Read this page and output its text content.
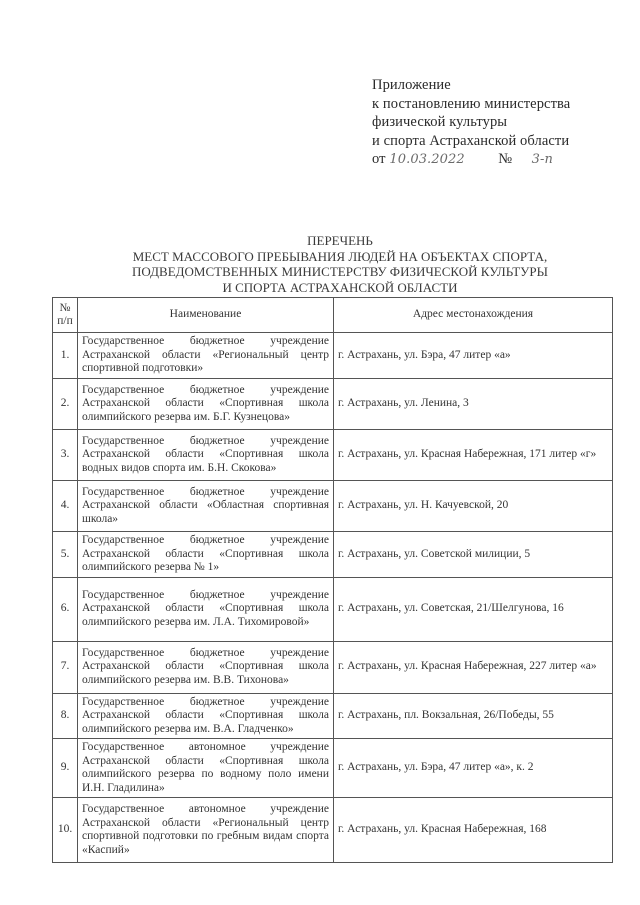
Приложение
к постановлению министерства
физической культуры
и спорта Астраханской области
от 10.03.2022 № 3-п
ПЕРЕЧЕНЬ
МЕСТ МАССОВОГО ПРЕБЫВАНИЯ ЛЮДЕЙ НА ОБЪЕКТАХ СПОРТА,
ПОДВЕДОМСТВЕННЫХ МИНИСТЕРСТВУ ФИЗИЧЕСКОЙ КУЛЬТУРЫ
И СПОРТА АСТРАХАНСКОЙ ОБЛАСТИ
№ п/п	Наименование	Адрес местонахождения
1.	Государственное бюджетное учреждение Астраханской области «Региональный центр спортивной подготовки»	г. Астрахань, ул. Бэра, 47 литер «а»
2.	Государственное бюджетное учреждение Астраханской области «Спортивная школа олимпийского резерва им. Б.Г. Кузнецова»	г. Астрахань, ул. Ленина, 3
3.	Государственное бюджетное учреждение Астраханской области «Спортивная школа водных видов спорта им. Б.Н. Скокова»	г. Астрахань, ул. Красная Набережная, 171 литер «г»
4.	Государственное бюджетное учреждение Астраханской области «Областная спортивная школа»	г. Астрахань, ул. Н. Качуевской, 20
5.	Государственное бюджетное учреждение Астраханской области «Спортивная школа олимпийского резерва № 1»	г. Астрахань, ул. Советской милиции, 5
6.	Государственное бюджетное учреждение Астраханской области «Спортивная школа олимпийского резерва им. Л.А. Тихомировой»	г. Астрахань, ул. Советская, 21/Шелгунова, 16
7.	Государственное бюджетное учреждение Астраханской области «Спортивная школа олимпийского резерва им. В.В. Тихонова»	г. Астрахань, ул. Красная Набережная, 227 литер «а»
8.	Государственное бюджетное учреждение Астраханской области «Спортивная школа олимпийского резерва им. В.А. Гладченко»	г. Астрахань, пл. Вокзальная, 26/Победы, 55
9.	Государственное автономное учреждение Астраханской области «Спортивная школа олимпийского резерва по водному поло имени И.Н. Гладилина»	г. Астрахань, ул. Бэра, 47 литер «а», к. 2
10.	Государственное автономное учреждение Астраханской области «Региональный центр спортивной подготовки по гребным видам спорта «Каспий»	г. Астрахань, ул. Красная Набережная, 168
